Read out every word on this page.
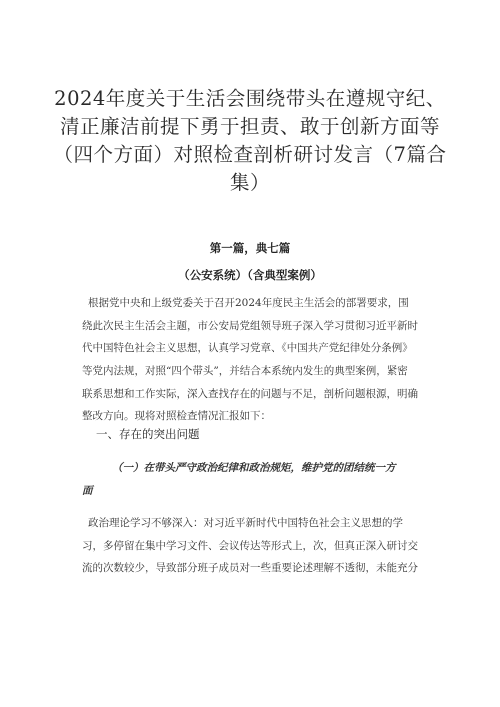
2024年度关于生活会围绕带头在遵规守纪、
清正廉洁前提下勇于担责、敢于创新方面等
（四个方面）对照检查剖析研讨发言（7篇合
集）
第一篇，典七篇
（公安系统）（含典型案例）
根据党中央和上级党委关于召开2024年度民主生活会的部署要求，围
绕此次民主生活会主题，市公安局党组领导班子深入学习贯彻习近平新时
代中国特色社会主义思想，认真学习党章、《中国共产党纪律处分条例》
等党内法规，对照“四个带头”，并结合本系统内发生的典型案例，紧密
联系思想和工作实际，深入查找存在的问题与不足，剖析问题根源，明确
整改方向。现将对照检查情况汇报如下：
一、存在的突出问题
（一）在带头严守政治纪律和政治规矩，维护党的团结统一方
面
政治理论学习不够深入：对习近平新时代中国特色社会主义思想的学
习，多停留在集中学习文件、会议传达等形式上，次，但真正深入研讨交
流的次数较少，导致部分班子成员对一些重要论述理解不透彻，未能充分
